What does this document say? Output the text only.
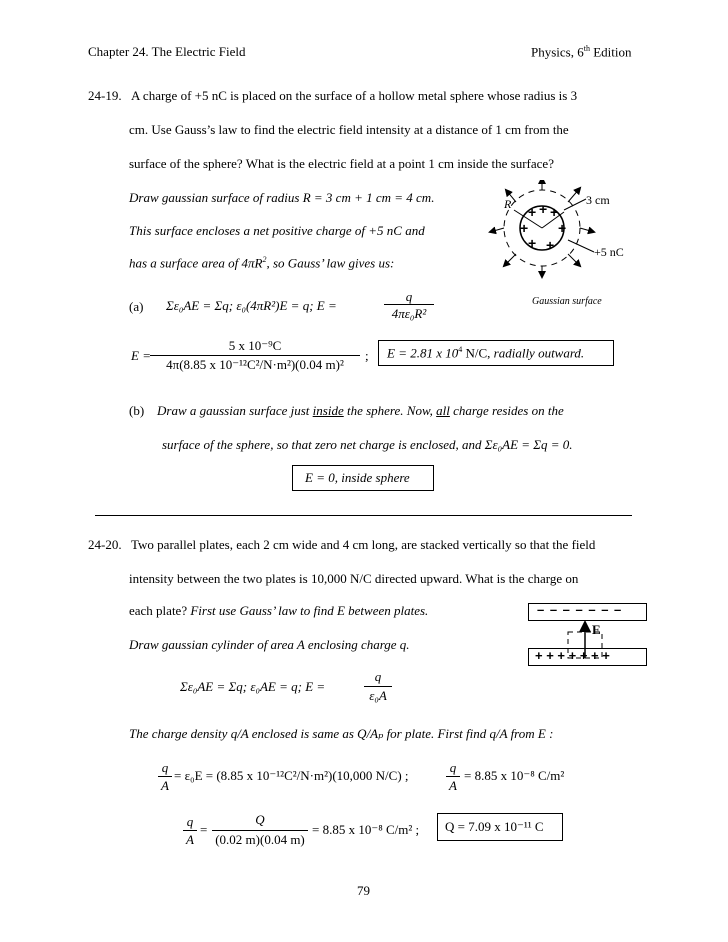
Chapter 24. The Electric Field	Physics, 6th Edition
24-19. A charge of +5 nC is placed on the surface of a hollow metal sphere whose radius is 3
cm. Use Gauss’s law to find the electric field intensity at a distance of 1 cm from the
surface of the sphere? What is the electric field at a point 1 cm inside the surface?
Draw gaussian surface of radius R = 3 cm + 1 cm = 4 cm.
This surface encloses a net positive charge of +5 nC and
has a surface area of $4\pi R^2$, so Gauss’ law gives us:
3 cm
R
+5 nC
Gaussian surface
+ + +
+ +
+ +
(a) Σε₀AE = Σq; ε₀(4πR²)E = q; E =
q
4πε₀R²
E =
5 x 10⁻⁹C
4π(8.85 x 10⁻¹²C²/N·m²)(0.04 m)²
; E = 2.81 x $10^4$ N/C, radially outward.
(b) Draw a gaussian surface just inside the sphere. Now, all charge resides on the
surface of the sphere, so that zero net charge is enclosed, and Σε₀AE = Σq = 0.
E = 0, inside sphere
24-20. Two parallel plates, each 2 cm wide and 4 cm long, are stacked vertically so that the field
intensity between the two plates is 10,000 N/C directed upward. What is the charge on
each plate? First use Gauss’ law to find E between plates.
Draw gaussian cylinder of area A enclosing charge q.
– – – – – – –
+ + + + + + +
E
Σε₀AE = Σq; ε₀AE = q; E =
q
ε₀A
The charge density q/A enclosed is same as Q/Aₚ for plate. First find q/A from E :
q
A
= ε₀E = (8.85 x 10⁻¹²C²/N·m²)(10,000 N/C) ;
q
A
= 8.85 x 10⁻⁸ C/m²
q
A
=
Q
(0.02 m)(0.04 m)
= 8.85 x 10⁻⁸ C/m² ; Q = 7.09 x 10⁻¹¹ C
79
